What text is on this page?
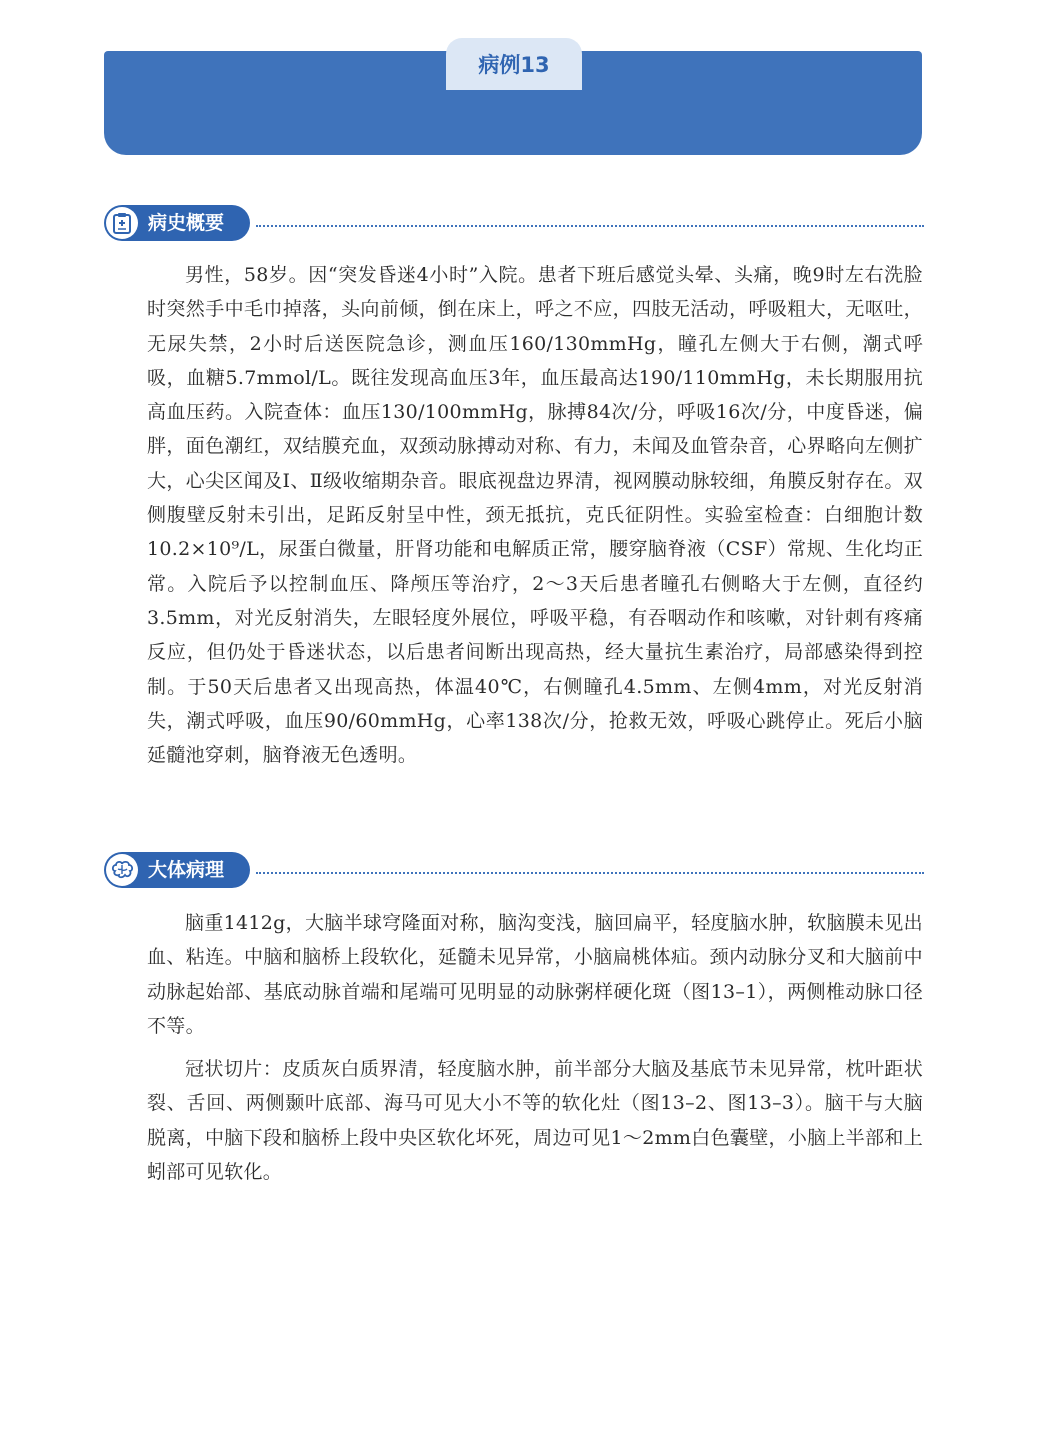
基底动脉尖综合征
病例13
病史概要

男性，58岁。因“突发昏迷4小时”入院。患者下班后感觉头晕、头痛，晚9时左右洗脸时突然手中毛巾掉落，头向前倾，倒在床上，呼之不应，四肢无活动，呼吸粗大，无呕吐，无尿失禁，2小时后送医院急诊，测血压160/130mmHg，瞳孔左侧大于右侧，潮式呼吸，血糖5.7mmol/L。既往发现高血压3年，血压最高达190/110mmHg，未长期服用抗高血压药。入院查体：血压130/100mmHg，脉搏84次/分，呼吸16次/分，中度昏迷，偏胖，面色潮红，双结膜充血，双颈动脉搏动对称、有力，未闻及血管杂音，心界略向左侧扩大，心尖区闻及Ⅰ、Ⅱ级收缩期杂音。眼底视盘边界清，视网膜动脉较细，角膜反射存在。双侧腹壁反射未引出，足跖反射呈中性，颈无抵抗，克氏征阴性。实验室检查：白细胞计数 10.2×10⁹/L，尿蛋白微量，肝肾功能和电解质正常，腰穿脑脊液（CSF）常规、生化均正常。入院后予以控制血压、降颅压等治疗，2～3天后患者瞳孔右侧略大于左侧，直径约3.5mm，对光反射消失，左眼轻度外展位，呼吸平稳，有吞咽动作和咳嗽，对针刺有疼痛反应，但仍处于昏迷状态，以后患者间断出现高热，经大量抗生素治疗，局部感染得到控制。于50天后患者又出现高热，体温40℃，右侧瞳孔4.5mm、左侧4mm，对光反射消失，潮式呼吸，血压90/60mmHg，心率138次/分，抢救无效，呼吸心跳停止。死后小脑延髓池穿刺，脑脊液无色透明。

大体病理

脑重1412g，大脑半球穹隆面对称，脑沟变浅，脑回扁平，轻度脑水肿，软脑膜未见出血、粘连。中脑和脑桥上段软化，延髓未见异常，小脑扁桃体疝。颈内动脉分叉和大脑前中动脉起始部、基底动脉首端和尾端可见明显的动脉粥样硬化斑（图13–1），两侧椎动脉口径不等。

冠状切片：皮质灰白质界清，轻度脑水肿，前半部分大脑及基底节未见异常，枕叶距状裂、舌回、两侧颞叶底部、海马可见大小不等的软化灶（图13–2、图13–3）。脑干与大脑脱离，中脑下段和脑桥上段中央区软化坏死，周边可见1～2mm白色囊壁，小脑上半部和上蚓部可见软化。
